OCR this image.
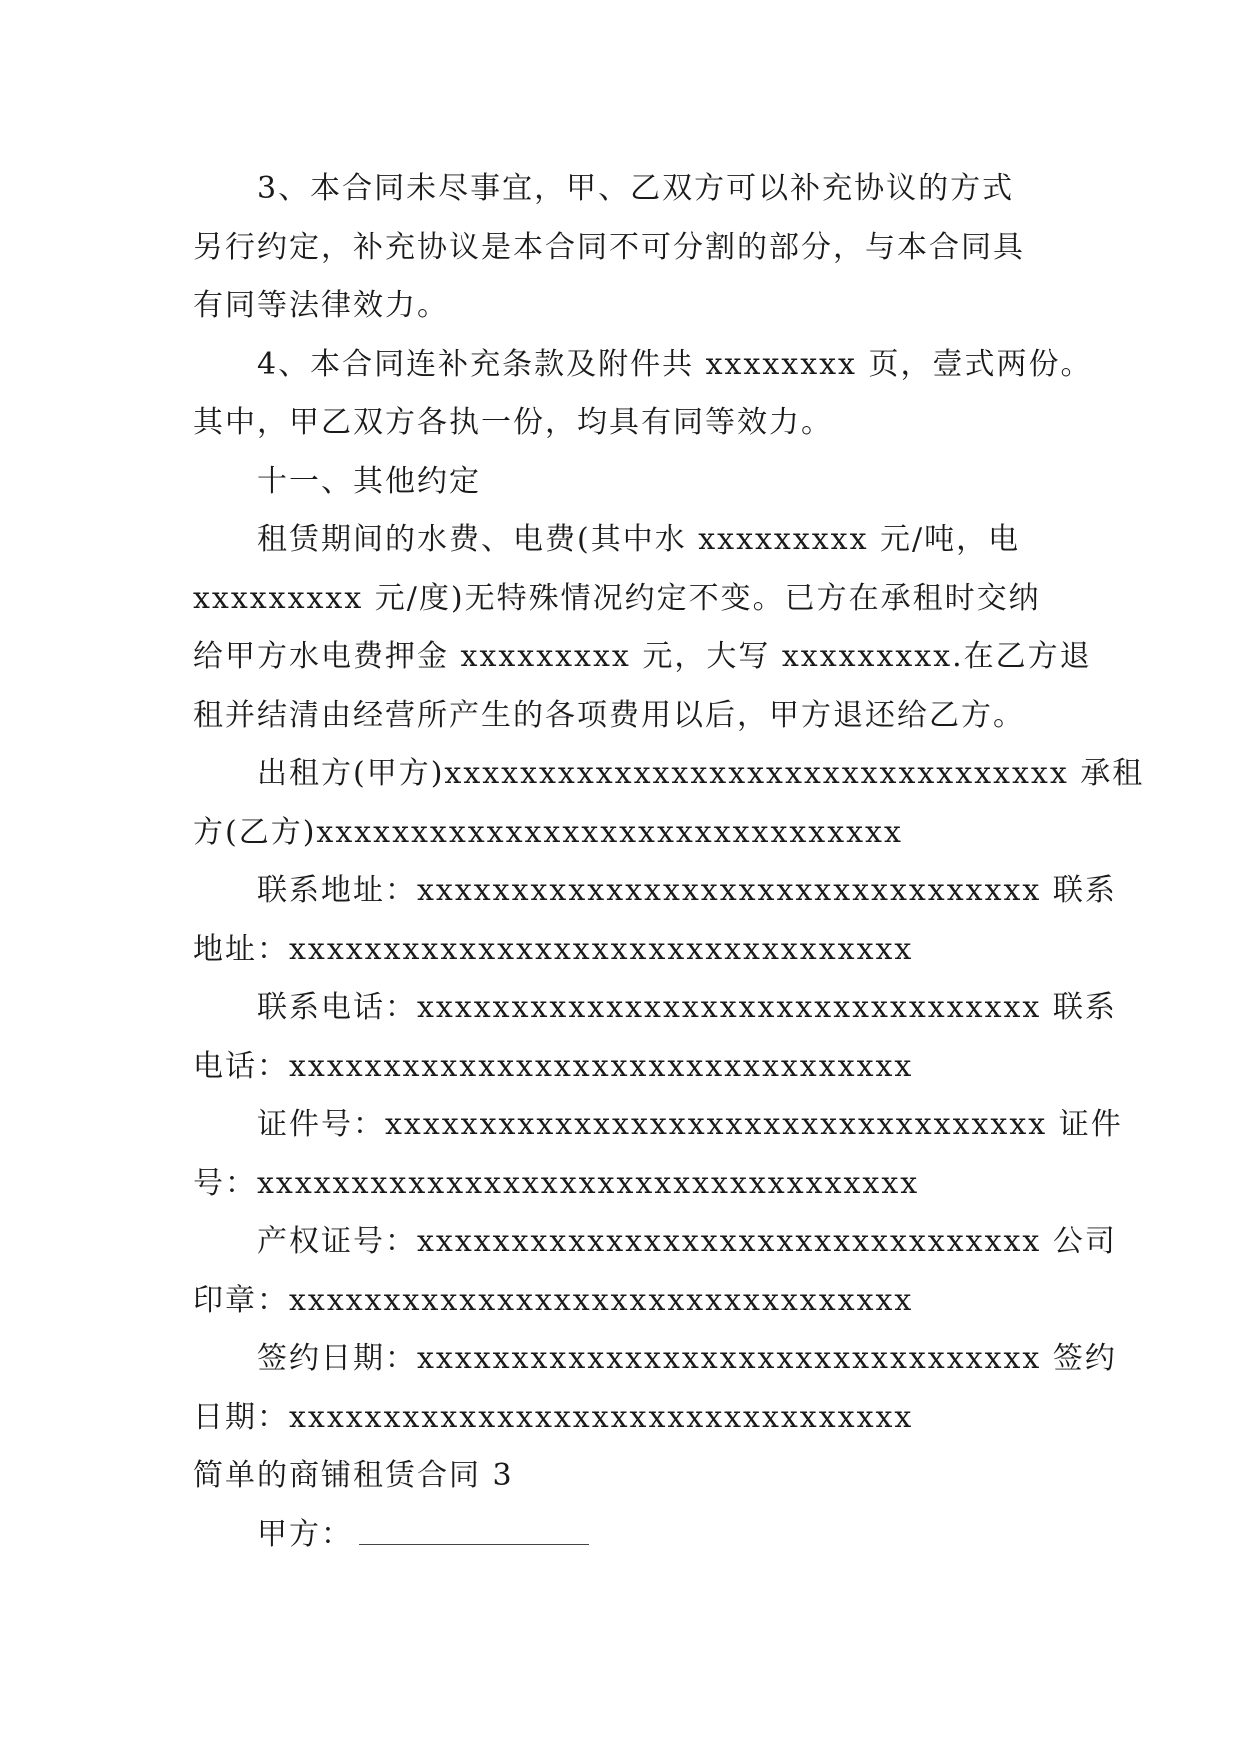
3、本合同未尽事宜，甲、乙双方可以补充协议的方式
另行约定，补充协议是本合同不可分割的部分，与本合同具
有同等法律效力。

4、本合同连补充条款及附件共 xxxxxxxx 页，壹式两份。
其中，甲乙双方各执一份，均具有同等效力。

十一、其他约定

租赁期间的水费、电费(其中水 xxxxxxxxx 元/吨，电
xxxxxxxxx 元/度)无特殊情况约定不变。已方在承租时交纳
给甲方水电费押金 xxxxxxxxx 元，大写 xxxxxxxxx.在乙方退
租并结清由经营所产生的各项费用以后，甲方退还给乙方。

出租方(甲方)xxxxxxxxxxxxxxxxxxxxxxxxxxxxxxxxx 承租
方(乙方)xxxxxxxxxxxxxxxxxxxxxxxxxxxxxxx

联系地址：xxxxxxxxxxxxxxxxxxxxxxxxxxxxxxxxx 联系
地址：xxxxxxxxxxxxxxxxxxxxxxxxxxxxxxxxx

联系电话：xxxxxxxxxxxxxxxxxxxxxxxxxxxxxxxxx 联系
电话：xxxxxxxxxxxxxxxxxxxxxxxxxxxxxxxxx

证件号：xxxxxxxxxxxxxxxxxxxxxxxxxxxxxxxxxxx 证件
号：xxxxxxxxxxxxxxxxxxxxxxxxxxxxxxxxxxx

产权证号：xxxxxxxxxxxxxxxxxxxxxxxxxxxxxxxxx 公司
印章：xxxxxxxxxxxxxxxxxxxxxxxxxxxxxxxxx

签约日期：xxxxxxxxxxxxxxxxxxxxxxxxxxxxxxxxx 签约
日期：xxxxxxxxxxxxxxxxxxxxxxxxxxxxxxxxx

简单的商铺租赁合同 3

甲方：
